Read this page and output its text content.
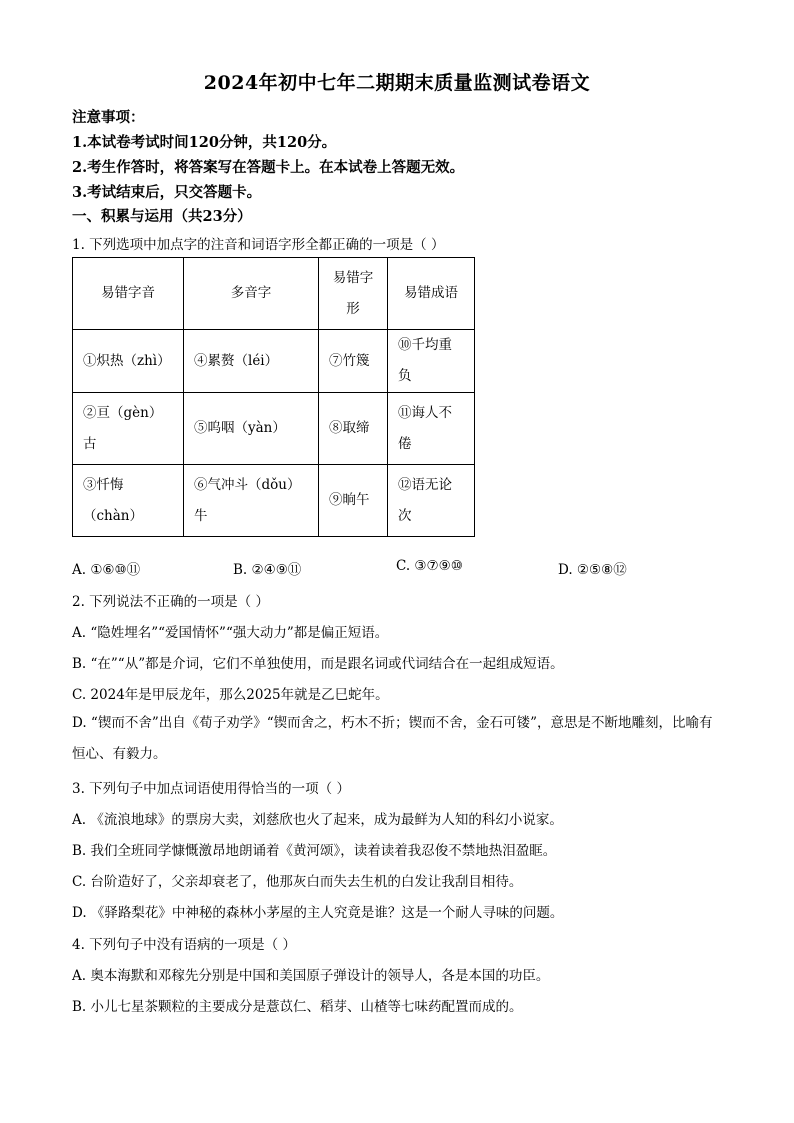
2024年初中七年二期期末质量监测试卷语文
注意事项：
1.本试卷考试时间120分钟，共120分。
2.考生作答时，将答案写在答题卡上。在本试卷上答题无效。
3.考试结束后，只交答题卡。
一、积累与运用（共23分）
1. 下列选项中加点字的注音和词语字形全都正确的一项是（ ）
易错字音	多音字	易错字形	易错成语
①炽热（zhì）	④累赘（léi）	⑦竹篾	⑩千均重负
②亘（gèn）古	⑤呜咽（yàn）	⑧取缔	⑪诲人不倦
③忏悔（chàn）	⑥气冲斗（dǒu）牛	⑨晌午	⑫语无论次
A. ①⑥⑩⑪	B. ②④⑨⑪	C. ③⑦⑨⑩	D. ②⑤⑧⑫
2. 下列说法不正确的一项是（ ）
A. “隐姓埋名”“爱国情怀”“强大动力”都是偏正短语。
B. “在”“从”都是介词，它们不单独使用，而是跟名词或代词结合在一起组成短语。
C. 2024年是甲辰龙年，那么2025年就是乙巳蛇年。
D. “锲而不舍”出自《荀子劝学》“锲而舍之，朽木不折；锲而不舍，金石可镂”，意思是不断地雕刻，比喻有恒心、有毅力。
3. 下列句子中加点词语使用得恰当的一项（ ）
A. 《流浪地球》的票房大卖，刘慈欣也火了起来，成为最鲜为人知的科幻小说家。
B. 我们全班同学慷慨激昂地朗诵着《黄河颂》，读着读着我忍俊不禁地热泪盈眶。
C. 台阶造好了，父亲却衰老了，他那灰白而失去生机的白发让我刮目相待。
D. 《驿路梨花》中神秘的森林小茅屋的主人究竟是谁？这是一个耐人寻味的问题。
4. 下列句子中没有语病的一项是（ ）
A. 奥本海默和邓稼先分别是中国和美国原子弹设计的领导人，各是本国的功臣。
B. 小儿七星茶颗粒的主要成分是薏苡仁、稻芽、山楂等七味药配置而成的。
